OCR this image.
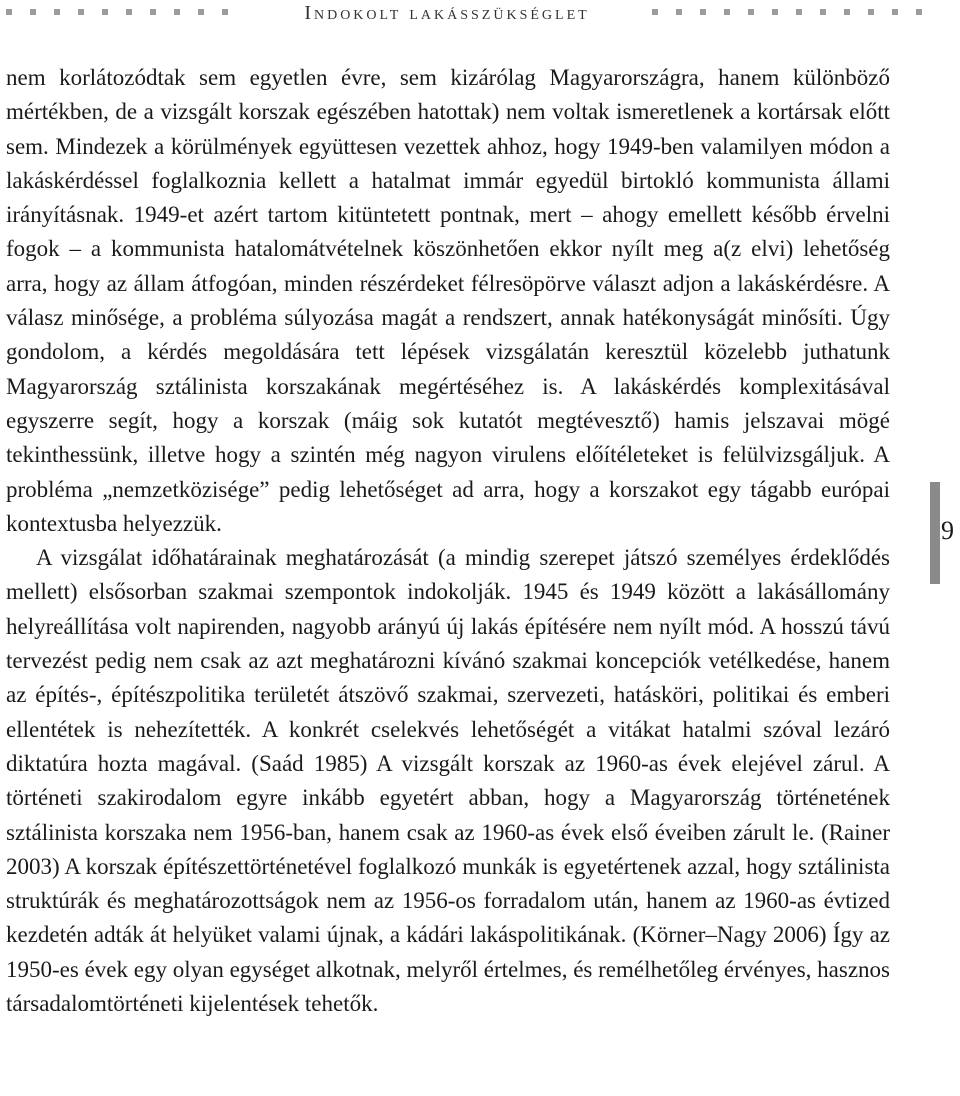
Indokolt lakásszükséglet

nem korlátozódtak sem egyetlen évre, sem kizárólag Magyarországra, hanem különböző mértékben, de a vizsgált korszak egészében hatottak) nem voltak ismeretlenek a kortársak előtt sem. Mindezek a körülmények együttesen vezettek ahhoz, hogy 1949-ben valamilyen módon a lakáskérdéssel foglalkoznia kellett a hatalmat immár egyedül birtokló kommunista állami irányításnak. 1949-et azért tartom kitüntetett pontnak, mert – ahogy emellett később érvelni fogok – a kommunista hatalomátvételnek köszönhetően ekkor nyílt meg a(z elvi) lehetőség arra, hogy az állam átfogóan, minden részérdeket félresöpörve választ adjon a lakáskérdésre. A válasz minősége, a probléma súlyozása magát a rendszert, annak hatékonyságát minősíti. Úgy gondolom, a kérdés megoldására tett lépések vizsgálatán keresztül közelebb juthatunk Magyarország sztálinista korszakának megértéséhez is. A lakáskérdés komplexitásával egyszerre segít, hogy a korszak (máig sok kutatót megtévesztő) hamis jelszavai mögé tekinthessünk, illetve hogy a szintén még nagyon virulens előítéleteket is felülvizsgáljuk. A probléma „nemzetközisége” pedig lehetőséget ad arra, hogy a korszakot egy tágabb európai kontextusba helyezzük.

A vizsgálat időhatárainak meghatározását (a mindig szerepet játszó személyes érdeklődés mellett) elsősorban szakmai szempontok indokolják. 1945 és 1949 között a lakásállomány helyreállítása volt napirenden, nagyobb arányú új lakás építésére nem nyílt mód. A hosszú távú tervezést pedig nem csak az azt meghatározni kívánó szakmai koncepciók vetélkedése, hanem az építés-, építészpolitika területét átszövő szakmai, szervezeti, hatásköri, politikai és emberi ellentétek is nehezítették. A konkrét cselekvés lehetőségét a vitákat hatalmi szóval lezáró diktatúra hozta magával. (Saád 1985) A vizsgált korszak az 1960-as évek elejével zárul. A történeti szakirodalom egyre inkább egyetért abban, hogy a Magyarország történetének sztálinista korszaka nem 1956-ban, hanem csak az 1960-as évek első éveiben zárult le. (Rainer 2003) A korszak építészettörténetével foglalkozó munkák is egyetértenek azzal, hogy sztálinista struktúrák és meghatározottságok nem az 1956-os forradalom után, hanem az 1960-as évtized kezdetén adták át helyüket valami újnak, a kádári lakáspolitikának. (Körner–Nagy 2006) Így az 1950-es évek egy olyan egységet alkotnak, melyről értelmes, és remélhetőleg érvényes, hasznos társadalomtörténeti kijelentések tehetők.

9
